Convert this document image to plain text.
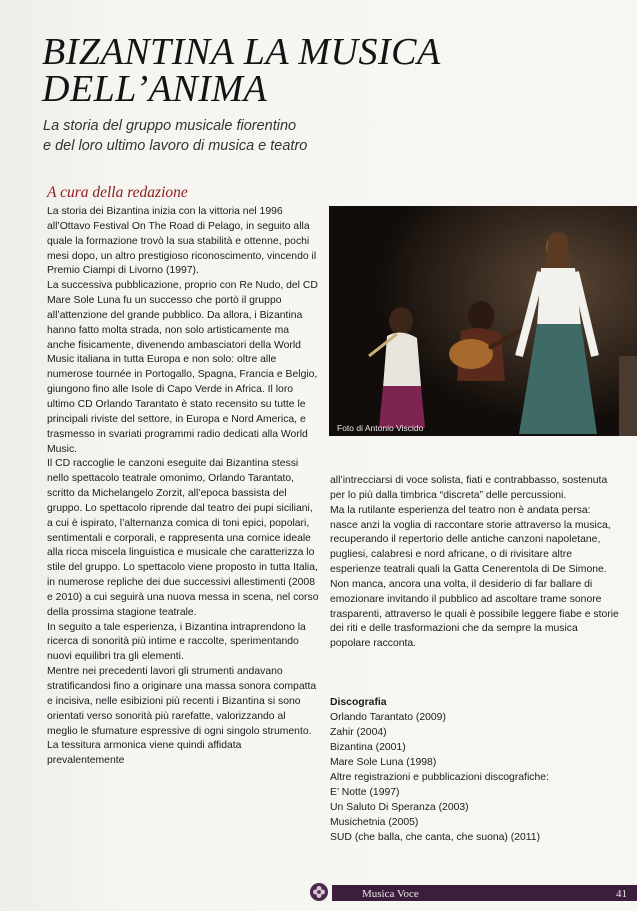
BIZANTINA LA MUSICA
DELL’ANIMA
La storia del gruppo musicale fiorentino
e del loro ultimo lavoro di musica e teatro
A cura della redazione

La storia dei Bizantina inizia con la vittoria nel 1996 all’Ottavo Festival On The Road di Pelago, in seguito alla quale la formazione trovò la sua stabilità e ottenne, pochi mesi dopo, un altro prestigioso riconoscimento, vincendo il Premio Ciampi di Livorno (1997).

La successiva pubblicazione, proprio con Re Nudo, del CD Mare Sole Luna fu un successo che portò il gruppo all’attenzione del grande pubblico. Da allora, i Bizantina hanno fatto molta strada, non solo artisticamente ma anche fisicamente, divenendo ambasciatori della World Music italiana in tutta Europa e non solo: oltre alle numerose tournée in Portogallo, Spagna, Francia e Belgio, giungono fino alle Isole di Capo Verde in Africa. Il loro ultimo CD Orlando Tarantato è stato recensito su tutte le principali riviste del settore, in Europa e Nord America, e trasmesso in svariati programmi radio dedicati alla World Music.

Il CD raccoglie le canzoni eseguite dai Bizantina stessi nello spettacolo teatrale omonimo, Orlando Tarantato, scritto da Michelangelo Zorzit, all’epoca bassista del gruppo. Lo spettacolo riprende dal teatro dei pupi siciliani, a cui è ispirato, l’alternanza comica di toni epici, popolari, sentimentali e corporali, e rappresenta una cornice ideale alla ricca miscela linguistica e musicale che caratterizza lo stile del gruppo. Lo spettacolo viene proposto in tutta Italia, in numerose repliche dei due successivi allestimenti (2008 e 2010) a cui seguirà una nuova messa in scena, nel corso della prossima stagione teatrale.

In seguito a tale esperienza, i Bizantina intraprendono la ricerca di sonorità più intime e raccolte, sperimentando nuovi equilibri tra gli elementi.

Mentre nei precedenti lavori gli strumenti andavano stratificandosi fino a originare una massa sonora compatta e incisiva, nelle esibizioni più recenti i Bizantina si sono orientati verso sonorità più rarefatte, valorizzando al meglio le sfumature espressive di ogni singolo strumento. La tessitura armonica viene quindi affidata prevalentemente

Foto di Antonio Viscido

all’intrecciarsi di voce solista, fiati e contrabbasso, sostenuta per lo più dalla timbrica “discreta” delle percussioni.

Ma la rutilante esperienza del teatro non è andata persa: nasce anzi la voglia di raccontare storie attraverso la musica, recuperando il repertorio delle antiche canzoni napoletane, pugliesi, calabresi e nord africane, o di rivisitare altre esperienze teatrali quali la Gatta Cenerentola di De Simone. Non manca, ancora una volta, il desiderio di far ballare di emozionare invitando il pubblico ad ascoltare trame sonore trasparenti, attraverso le quali è possibile leggere fiabe e storie dei riti e delle trasformazioni che da sempre la musica popolare racconta.

Discografia
Orlando Tarantato (2009)
Zahir (2004)
Bizantina (2001)
Mare Sole Luna (1998)
Altre registrazioni e pubblicazioni discografiche:
E’ Notte (1997)
Un Saluto Di Speranza (2003)
Musichetnia (2005)
SUD (che balla, che canta, che suona) (2011)
Musica Voce	41
